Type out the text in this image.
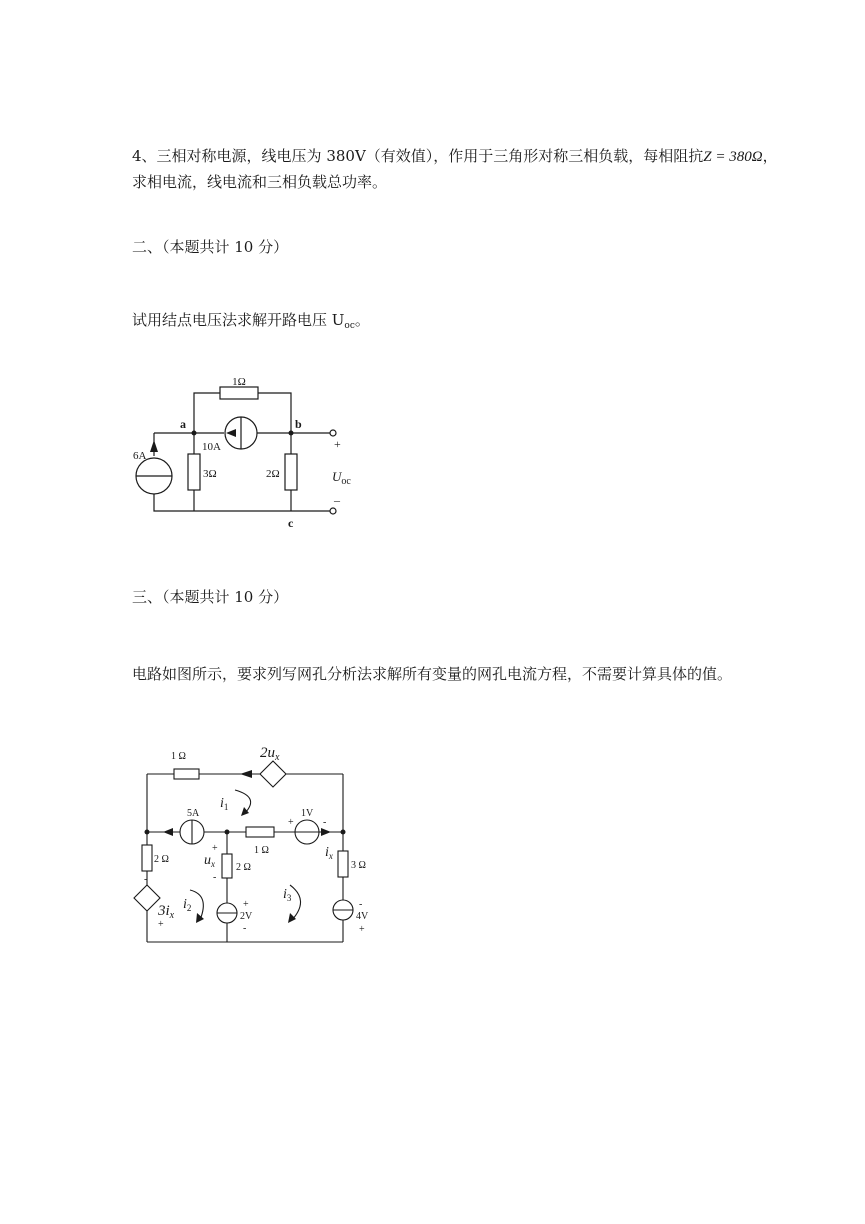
4、三相对称电源，线电压为 380V（有效值），作用于三角形对称三相负载，每相阻抗Z = 380Ω，

求相电流，线电流和三相负载总功率。

二、（本题共计 10 分）

试用结点电压法求解开路电压 $U_{oc}$。

1Ω
a	b
c
10A
6A
3Ω	2Ω
+
–
$U_{oc}$

三、（本题共计 10 分）

电路如图所示，要求列写网孔分析法求解所有变量的网孔电流方程，不需要计算具体的值。

1 Ω	$2u_x$
$i_1$
5A	1V
+	-
1 Ω	$i_x$
2 Ω
+
$u_x$
-
2 Ω	3 Ω
-
$3i_x$
+
$i_2$
$i_3$
+
2V
-
-
4V
+
